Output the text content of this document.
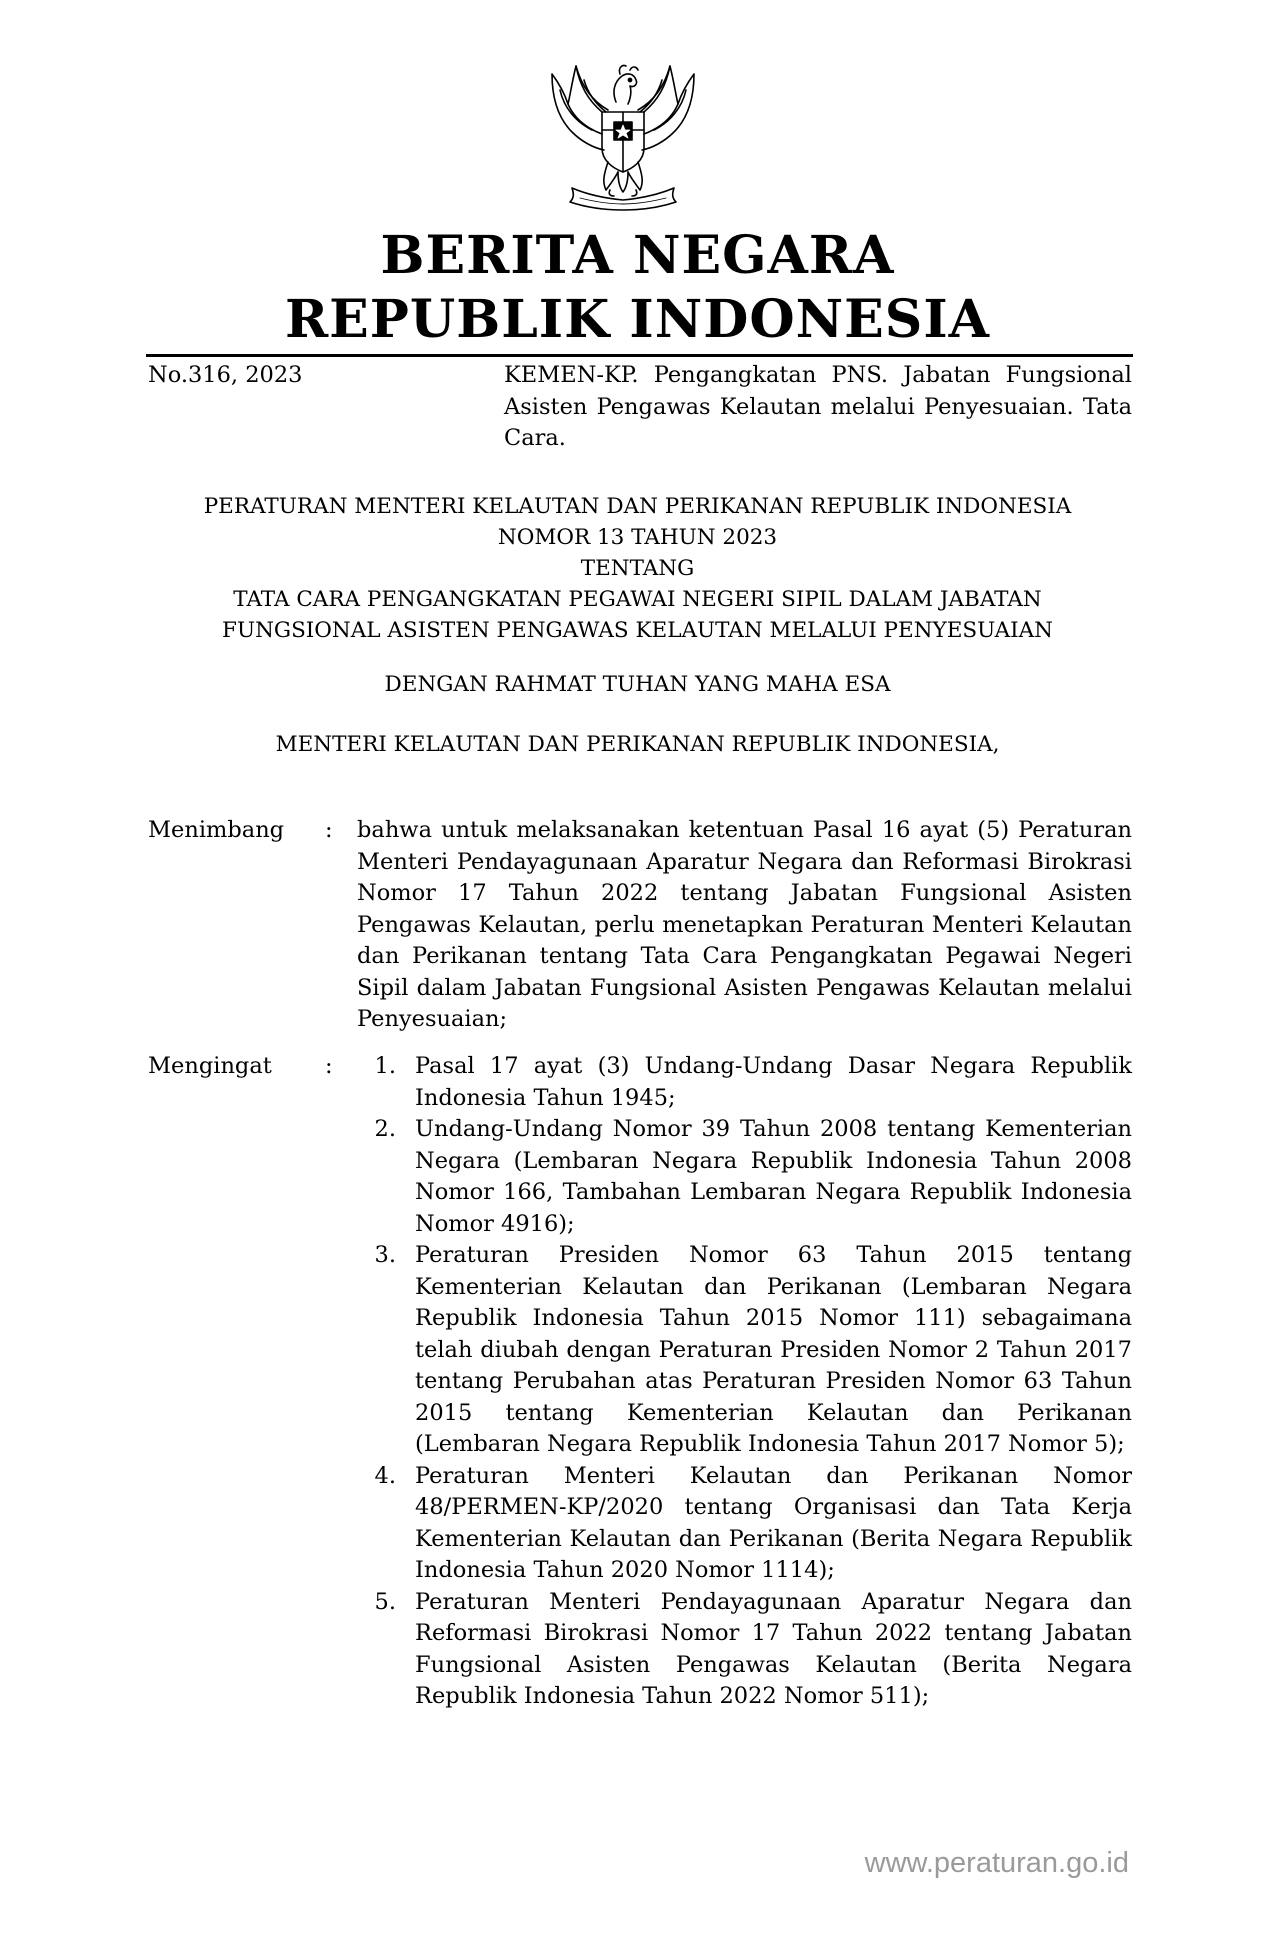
BERITA NEGARA
REPUBLIK INDONESIA
No.316, 2023	KEMEN-KP. Pengangkatan PNS. Jabatan Fungsional Asisten Pengawas Kelautan melalui Penyesuaian. Tata Cara.
PERATURAN MENTERI KELAUTAN DAN PERIKANAN REPUBLIK INDONESIA
NOMOR 13 TAHUN 2023
TENTANG
TATA CARA PENGANGKATAN PEGAWAI NEGERI SIPIL DALAM JABATAN
FUNGSIONAL ASISTEN PENGAWAS KELAUTAN MELALUI PENYESUAIAN
DENGAN RAHMAT TUHAN YANG MAHA ESA
MENTERI KELAUTAN DAN PERIKANAN REPUBLIK INDONESIA,
Menimbang	: bahwa untuk melaksanakan ketentuan Pasal 16 ayat (5) Peraturan Menteri Pendayagunaan Aparatur Negara dan Reformasi Birokrasi Nomor 17 Tahun 2022 tentang Jabatan Fungsional Asisten Pengawas Kelautan, perlu menetapkan Peraturan Menteri Kelautan dan Perikanan tentang Tata Cara Pengangkatan Pegawai Negeri Sipil dalam Jabatan Fungsional Asisten Pengawas Kelautan melalui Penyesuaian;
Mengingat	:	1. Pasal 17 ayat (3) Undang-Undang Dasar Negara Republik Indonesia Tahun 1945;
2. Undang-Undang Nomor 39 Tahun 2008 tentang Kementerian Negara (Lembaran Negara Republik Indonesia Tahun 2008 Nomor 166, Tambahan Lembaran Negara Republik Indonesia Nomor 4916);
3. Peraturan Presiden Nomor 63 Tahun 2015 tentang Kementerian Kelautan dan Perikanan (Lembaran Negara Republik Indonesia Tahun 2015 Nomor 111) sebagaimana telah diubah dengan Peraturan Presiden Nomor 2 Tahun 2017 tentang Perubahan atas Peraturan Presiden Nomor 63 Tahun 2015 tentang Kementerian Kelautan dan Perikanan (Lembaran Negara Republik Indonesia Tahun 2017 Nomor 5);
4. Peraturan Menteri Kelautan dan Perikanan Nomor 48/PERMEN-KP/2020 tentang Organisasi dan Tata Kerja Kementerian Kelautan dan Perikanan (Berita Negara Republik Indonesia Tahun 2020 Nomor 1114);
5. Peraturan Menteri Pendayagunaan Aparatur Negara dan Reformasi Birokrasi Nomor 17 Tahun 2022 tentang Jabatan Fungsional Asisten Pengawas Kelautan (Berita Negara Republik Indonesia Tahun 2022 Nomor 511);
www.peraturan.go.id
